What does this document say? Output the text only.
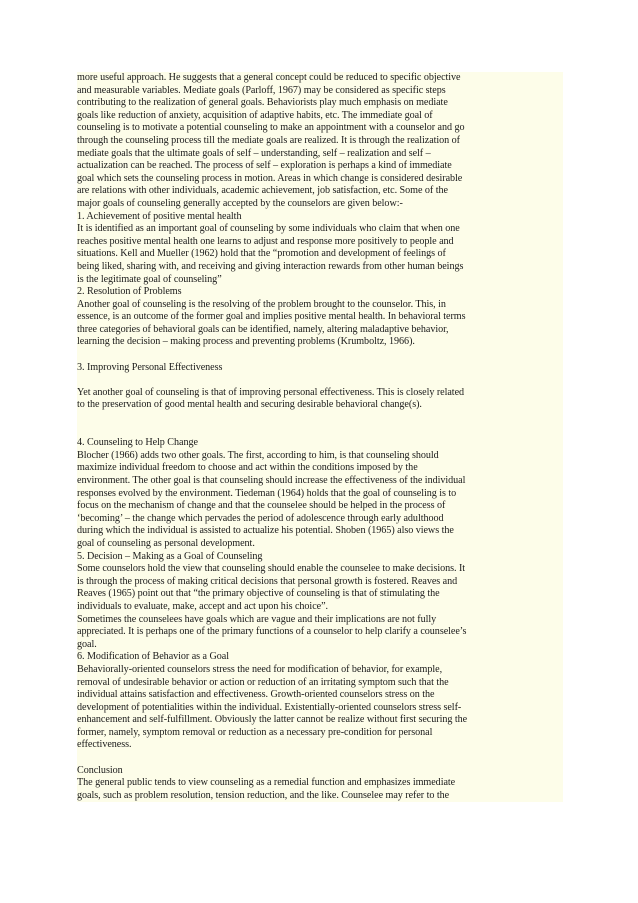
more useful approach. He suggests that a general concept could be reduced to specific objective

and measurable variables. Mediate goals (Parloff, 1967) may be considered as specific steps

contributing to the realization of general goals. Behaviorists play much emphasis on mediate

goals like reduction of anxiety, acquisition of adaptive habits, etc. The immediate goal of

counseling is to motivate a potential counseling to make an appointment with a counselor and go

through the counseling process till the mediate goals are realized. It is through the realization of

mediate goals that the ultimate goals of self – understanding, self – realization and self –

actualization can be reached. The process of self – exploration is perhaps a kind of immediate

goal which sets the counseling process in motion. Areas in which change is considered desirable

are relations with other individuals, academic achievement, job satisfaction, etc. Some of the

major goals of counseling generally accepted by the counselors are given below:-

1. Achievement of positive mental health

It is identified as an important goal of counseling by some individuals who claim that when one

reaches positive mental health one learns to adjust and response more positively to people and

situations. Kell and Mueller (1962) hold that the “promotion and development of feelings of

being liked, sharing with, and receiving and giving interaction rewards from other human beings

is the legitimate goal of counseling”

2. Resolution of Problems

Another goal of counseling is the resolving of the problem brought to the counselor. This, in

essence, is an outcome of the former goal and implies positive mental health. In behavioral terms

three categories of behavioral goals can be identified, namely, altering maladaptive behavior,

learning the decision – making process and preventing problems (Krumboltz, 1966).

3. Improving Personal Effectiveness

Yet another goal of counseling is that of improving personal effectiveness. This is closely related

to the preservation of good mental health and securing desirable behavioral change(s).

4. Counseling to Help Change

Blocher (1966) adds two other goals. The first, according to him, is that counseling should

maximize individual freedom to choose and act within the conditions imposed by the

environment. The other goal is that counseling should increase the effectiveness of the individual

responses evolved by the environment. Tiedeman (1964) holds that the goal of counseling is to

focus on the mechanism of change and that the counselee should be helped in the process of

‘becoming’ – the change which pervades the period of adolescence through early adulthood

during which the individual is assisted to actualize his potential. Shoben (1965) also views the

goal of counseling as personal development.

5. Decision – Making as a Goal of Counseling

Some counselors hold the view that counseling should enable the counselee to make decisions. It

is through the process of making critical decisions that personal growth is fostered. Reaves and

Reaves (1965) point out that “the primary objective of counseling is that of stimulating the

individuals to evaluate, make, accept and act upon his choice”.

Sometimes the counselees have goals which are vague and their implications are not fully

appreciated. It is perhaps one of the primary functions of a counselor to help clarify a counselee’s

goal.

6. Modification of Behavior as a Goal

Behaviorally-oriented counselors stress the need for modification of behavior, for example,

removal of undesirable behavior or action or reduction of an irritating symptom such that the

individual attains satisfaction and effectiveness. Growth-oriented counselors stress on the

development of potentialities within the individual. Existentially-oriented counselors stress self-

enhancement and self-fulfillment. Obviously the latter cannot be realize without first securing the

former, namely, symptom removal or reduction as a necessary pre-condition for personal

effectiveness.

Conclusion

The general public tends to view counseling as a remedial function and emphasizes immediate

goals, such as problem resolution, tension reduction, and the like. Counselee may refer to the
